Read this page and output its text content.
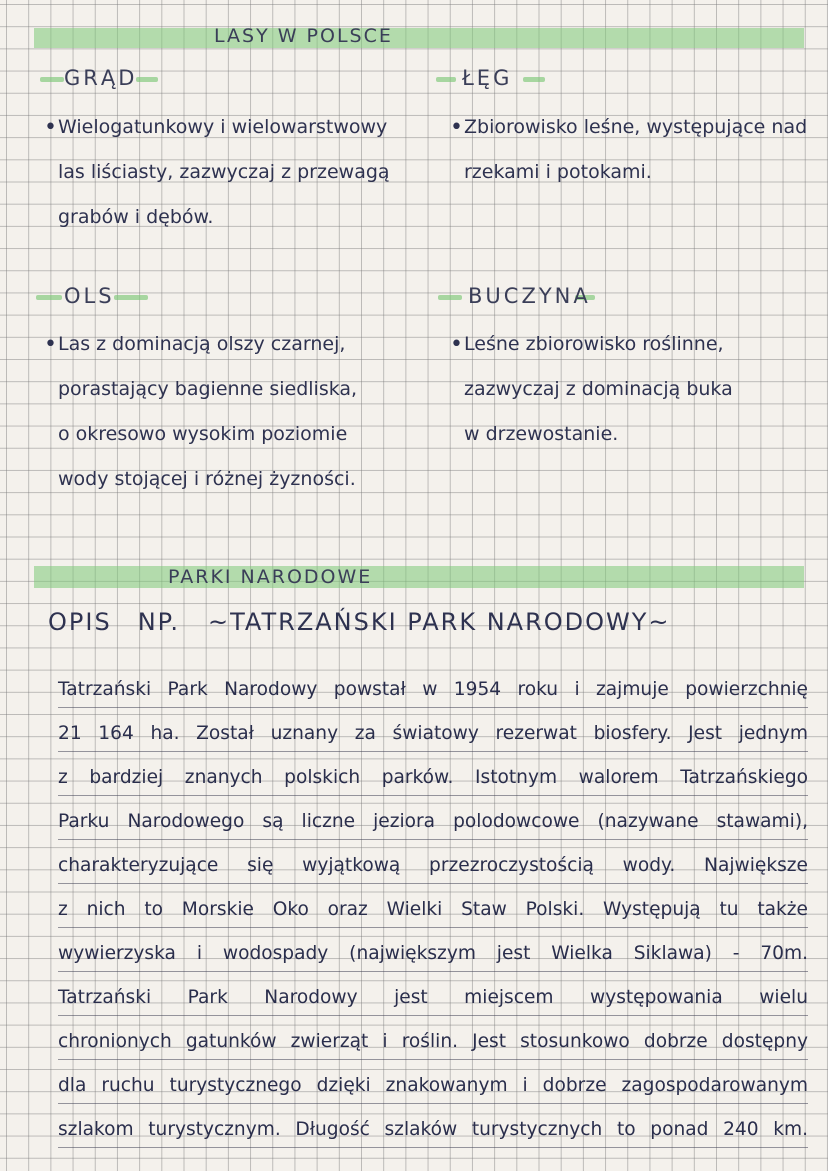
LASY W POLSCE
GRĄD
• Wielogatunkowy i wielowarstwowy
las liściasty, zazwyczaj z przewagą
grabów i dębów.
ŁĘG
• Zbiorowisko leśne, występujące nad
rzekami i potokami.
OLS
• Las z dominacją olszy czarnej,
porastający bagienne siedliska,
o okresowo wysokim poziomie
wody stojącej i różnej żyzności.
BUCZYNA
• Leśne zbiorowisko roślinne,
zazwyczaj z dominacją buka
w drzewostanie.
PARKI NARODOWE
OPIS NP. ~TATRZAŃSKI PARK NARODOWY~
Tatrzański Park Narodowy powstał w 1954 roku i zajmuje powierzchnię
21 164 ha. Został uznany za światowy rezerwat biosfery. Jest jednym
z bardziej znanych polskich parków. Istotnym walorem Tatrzańskiego
Parku Narodowego są liczne jeziora polodowcowe (nazywane stawami),
charakteryzujące się wyjątkową przezroczystością wody. Największe
z nich to Morskie Oko oraz Wielki Staw Polski. Występują tu także
wywierzyska i wodospady (największym jest Wielka Siklawa) - 70m.
Tatrzański Park Narodowy jest miejscem występowania wielu
chronionych gatunków zwierząt i roślin. Jest stosunkowo dobrze dostępny
dla ruchu turystycznego dzięki znakowanym i dobrze zagospodarowanym
szlakom turystycznym. Długość szlaków turystycznych to ponad 240 km.
